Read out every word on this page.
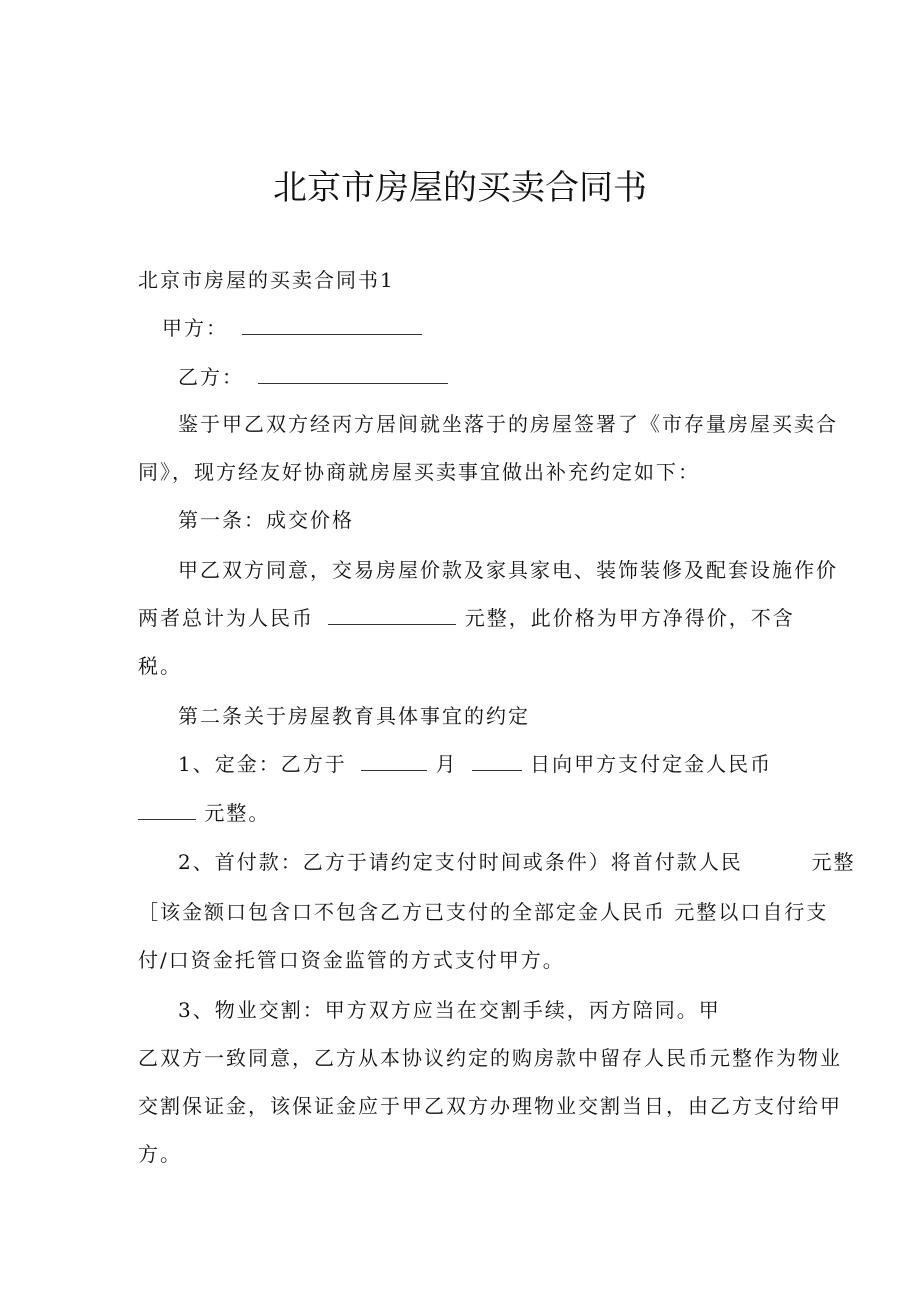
北京市房屋的买卖合同书
北京市房屋的买卖合同书1
甲方：
乙方：
鉴于甲乙双方经丙方居间就坐落于的房屋签署了《市存量房屋买卖合
同》，现方经友好协商就房屋买卖事宜做出补充约定如下：
第一条：成交价格
甲乙双方同意，交易房屋价款及家具家电、装饰装修及配套设施作价
两者总计为人民币	元整，此价格为甲方净得价，不含
税。
第二条关于房屋教育具体事宜的约定
1、定金：乙方于	月	日向甲方支付定金人民币
元整。
2、首付款：乙方于请约定支付时间或条件）将首付款人民	元整
［该金额口包含口不包含乙方已支付的全部定金人民币 元整以口自行支
付/口资金托管口资金监管的方式支付甲方。
3、物业交割：甲方双方应当在交割手续，丙方陪同。甲
乙双方一致同意，乙方从本协议约定的购房款中留存人民币元整作为物业
交割保证金，该保证金应于甲乙双方办理物业交割当日，由乙方支付给甲
方。
